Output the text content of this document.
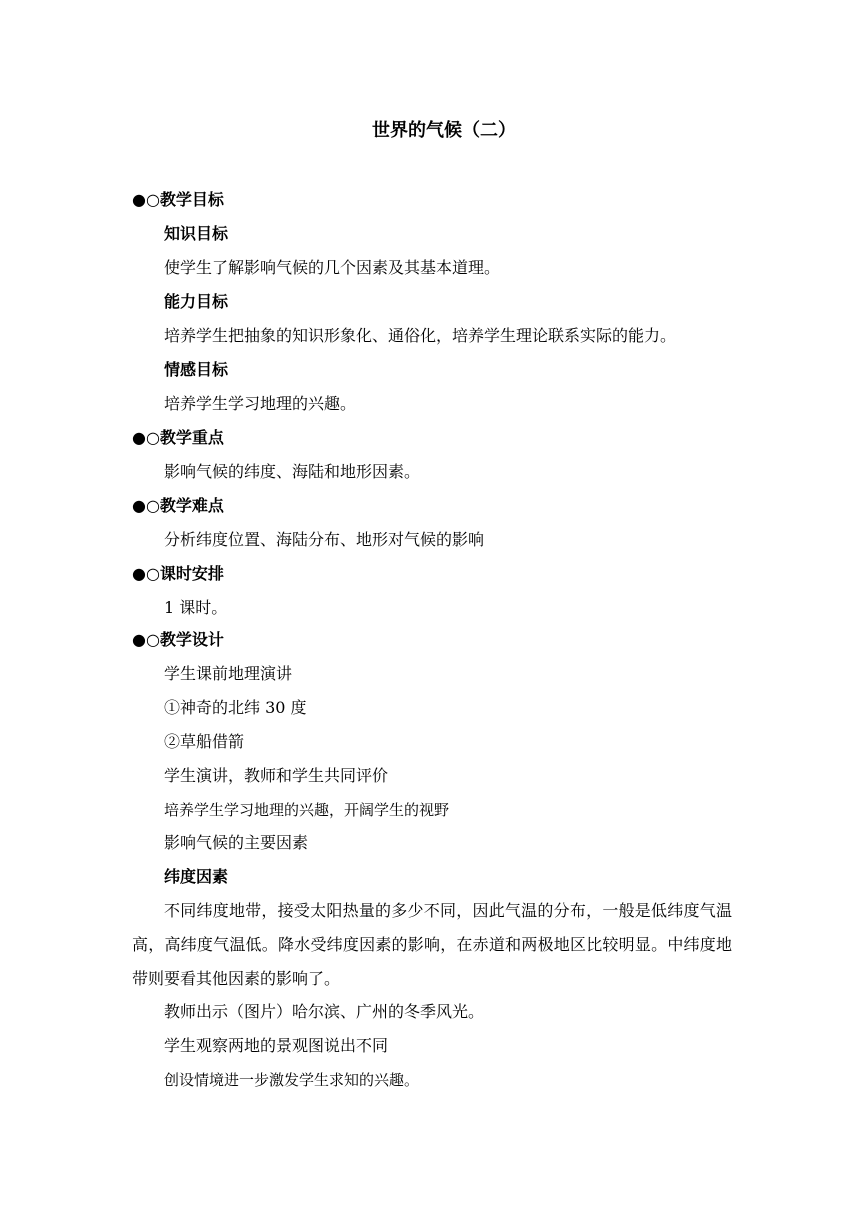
世界的气候（二）
●○教学目标
知识目标
使学生了解影响气候的几个因素及其基本道理。
能力目标
培养学生把抽象的知识形象化、通俗化，培养学生理论联系实际的能力。
情感目标
培养学生学习地理的兴趣。
●○教学重点
影响气候的纬度、海陆和地形因素。
●○教学难点
分析纬度位置、海陆分布、地形对气候的影响
●○课时安排
1 课时。
●○教学设计
学生课前地理演讲
①神奇的北纬 30 度
②草船借箭
学生演讲，教师和学生共同评价
培养学生学习地理的兴趣，开阔学生的视野
影响气候的主要因素
纬度因素
不同纬度地带，接受太阳热量的多少不同，因此气温的分布，一般是低纬度气温高，高纬度气温低。降水受纬度因素的影响，在赤道和两极地区比较明显。中纬度地带则要看其他因素的影响了。
教师出示（图片）哈尔滨、广州的冬季风光。
学生观察两地的景观图说出不同
创设情境进一步激发学生求知的兴趣。
